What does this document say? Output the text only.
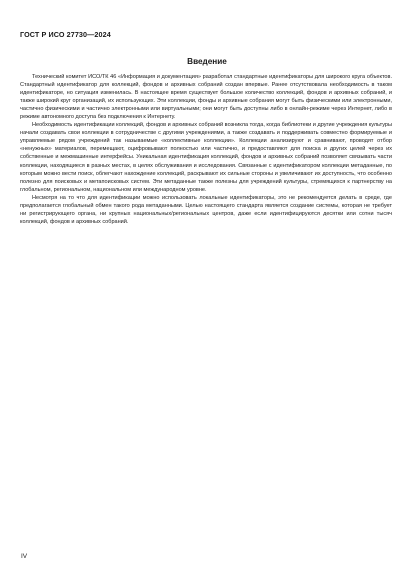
ГОСТ Р ИСО 27730—2024
Введение

Технический комитет ИСО/ТК 46 «Информация и документация» разработал стандартные идентификаторы для широкого круга объектов. Стандартный идентификатор для коллекций, фондов и архивных собраний создан впервые. Ранее отсутствовала необходимость в таком идентификаторе, но ситуация изменилась. В настоящее время существует большое количество коллекций, фондов и архивных собраний, и также широкий круг организаций, их использующих. Эти коллекции, фонды и архивные собрания могут быть физическими или электронными, частично физическими и частично электронными или виртуальными; они могут быть доступны либо в онлайн-режиме через Интернет, либо в режиме автономного доступа без подключения к Интернету.

Необходимость идентификации коллекций, фондов и архивных собраний возникла тогда, когда библиотеки и другие учреждения культуры начали создавать свои коллекции в сотрудничестве с другими учреждениями, а также создавать и поддерживать совместно формируемые и управляемые рядом учреждений так называемые «коллективные коллекции». Коллекции анализируют и сравнивают, проводят отбор «ненужных» материалов, перемещают, оцифровывают полностью или частично, и предоставляют для поиска и других целей через их собственные и межмашинные интерфейсы. Уникальная идентификация коллекций, фондов и архивных собраний позволяет связывать части коллекции, находящиеся в разных местах, в целях обслуживания и исследования. Связанные с идентификатором коллекции метаданные, по которым можно вести поиск, облегчают нахождение коллекций, раскрывают их сильные стороны и увеличивают их доступность, что особенно полезно для поисковых и метапоисковых систем. Эти метаданные также полезны для учреждений культуры, стремящихся к партнерству на глобальном, региональном, национальном или международном уровне.

Несмотря на то что для идентификации можно использовать локальные идентификаторы, это не рекомендуется делать в среде, где предполагается глобальный обмен такого рода метаданными. Целью настоящего стандарта является создание системы, которая не требует ни регистрирующего органа, ни крупных национальных/региональных центров, даже если идентифицируются десятки или сотни тысяч коллекций, фондов и архивных собраний.

IV
